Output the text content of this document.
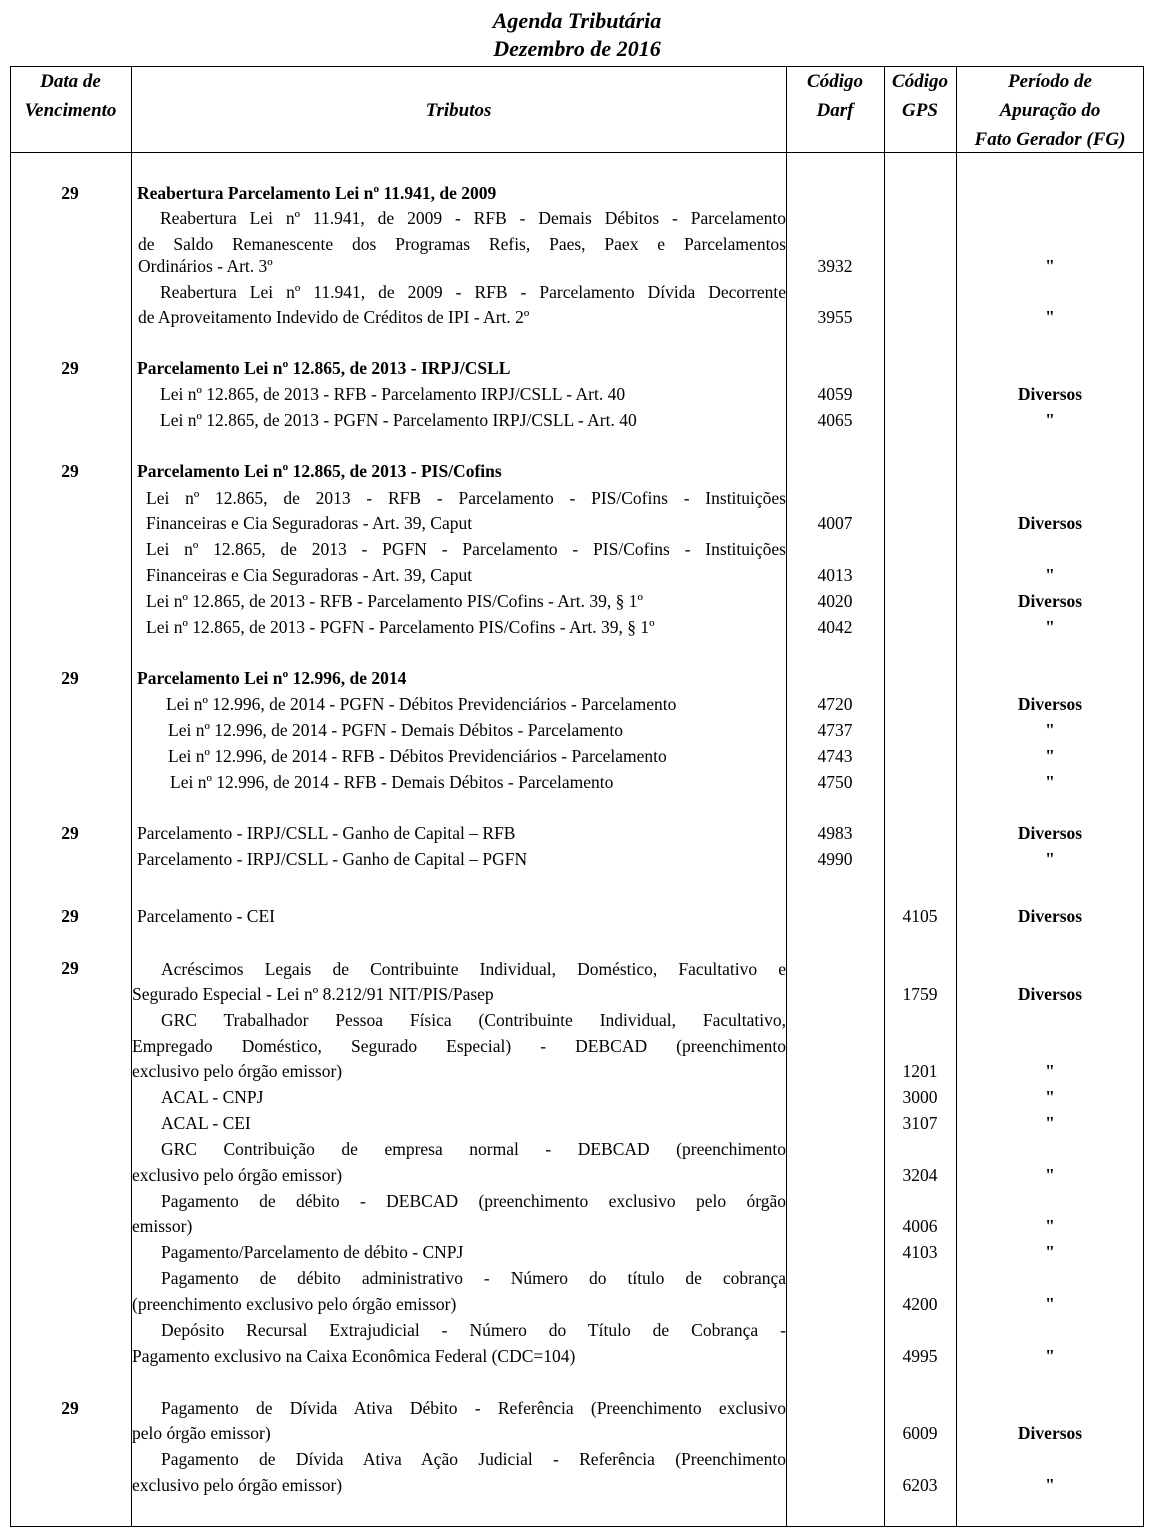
Agenda Tributária
Dezembro de 2016
Data de
Vencimento	Tributos
Código
Darf
Código
GPS
Período de
Apuração do
Fato Gerador (FG)
29
29
29
29
29
29
29
29
Reabertura Parcelamento Lei nº 11.941, de 2009
Parcelamento Lei nº 12.865, de 2013 - IRPJ/CSLL
Parcelamento Lei nº 12.865, de 2013 - PIS/Cofins
Parcelamento Lei nº 12.996, de 2014
Reabertura Lei nº 11.941, de 2009 - RFB - Demais Débitos - Parcelamento
de Saldo Remanescente dos Programas Refis, Paes, Paex e Parcelamentos
Ordinários - Art. 3º
Reabertura Lei nº 11.941, de 2009 - RFB - Parcelamento Dívida Decorrente
de Aproveitamento Indevido de Créditos de IPI - Art. 2º
Lei nº 12.865, de 2013 - RFB - Parcelamento IRPJ/CSLL - Art. 40
Lei nº 12.865, de 2013 - PGFN - Parcelamento IRPJ/CSLL - Art. 40
Lei nº 12.865, de 2013 - RFB - Parcelamento - PIS/Cofins - Instituições
Financeiras e Cia Seguradoras - Art. 39, Caput
Lei nº 12.865, de 2013 - PGFN - Parcelamento - PIS/Cofins - Instituições
Financeiras e Cia Seguradoras - Art. 39, Caput
Lei nº 12.865, de 2013 - RFB - Parcelamento PIS/Cofins - Art. 39, § 1º
Lei nº 12.865, de 2013 - PGFN - Parcelamento PIS/Cofins - Art. 39, § 1º
Lei nº 12.996, de 2014 - PGFN - Débitos Previdenciários - Parcelamento
Lei nº 12.996, de 2014 - PGFN - Demais Débitos - Parcelamento
Lei nº 12.996, de 2014 - RFB - Débitos Previdenciários - Parcelamento
Lei nº 12.996, de 2014 - RFB - Demais Débitos - Parcelamento
Parcelamento - IRPJ/CSLL - Ganho de Capital – RFB
Parcelamento - IRPJ/CSLL - Ganho de Capital – PGFN
Parcelamento - CEI
Acréscimos Legais de Contribuinte Individual, Doméstico, Facultativo e
Segurado Especial - Lei nº 8.212/91 NIT/PIS/Pasep
GRC Trabalhador Pessoa Física (Contribuinte Individual, Facultativo,
Empregado Doméstico, Segurado Especial) - DEBCAD (preenchimento
exclusivo pelo órgão emissor)
ACAL - CNPJ
ACAL - CEI
GRC Contribuição de empresa normal - DEBCAD (preenchimento
exclusivo pelo órgão emissor)
Pagamento de débito - DEBCAD (preenchimento exclusivo pelo órgão
emissor)
Pagamento/Parcelamento de débito - CNPJ
Pagamento de débito administrativo - Número do título de cobrança
(preenchimento exclusivo pelo órgão emissor)
Depósito Recursal Extrajudicial - Número do Título de Cobrança -
Pagamento exclusivo na Caixa Econômica Federal (CDC=104)
Pagamento de Dívida Ativa Débito - Referência (Preenchimento exclusivo
pelo órgão emissor)
Pagamento de Dívida Ativa Ação Judicial - Referência (Preenchimento
exclusivo pelo órgão emissor)
3932
3955
4059
4065
4007
4013
4020
4042
4720
4737
4743
4750
4983
4990
4105
1759
1201
3000
3107
3204
4006
4103
4200
4995
6009
6203
"
"
Diversos
"
Diversos
"
Diversos
"
Diversos
"
"
"
Diversos
"
Diversos
Diversos
"
"
"
"
"
"
"
"
Diversos
"
